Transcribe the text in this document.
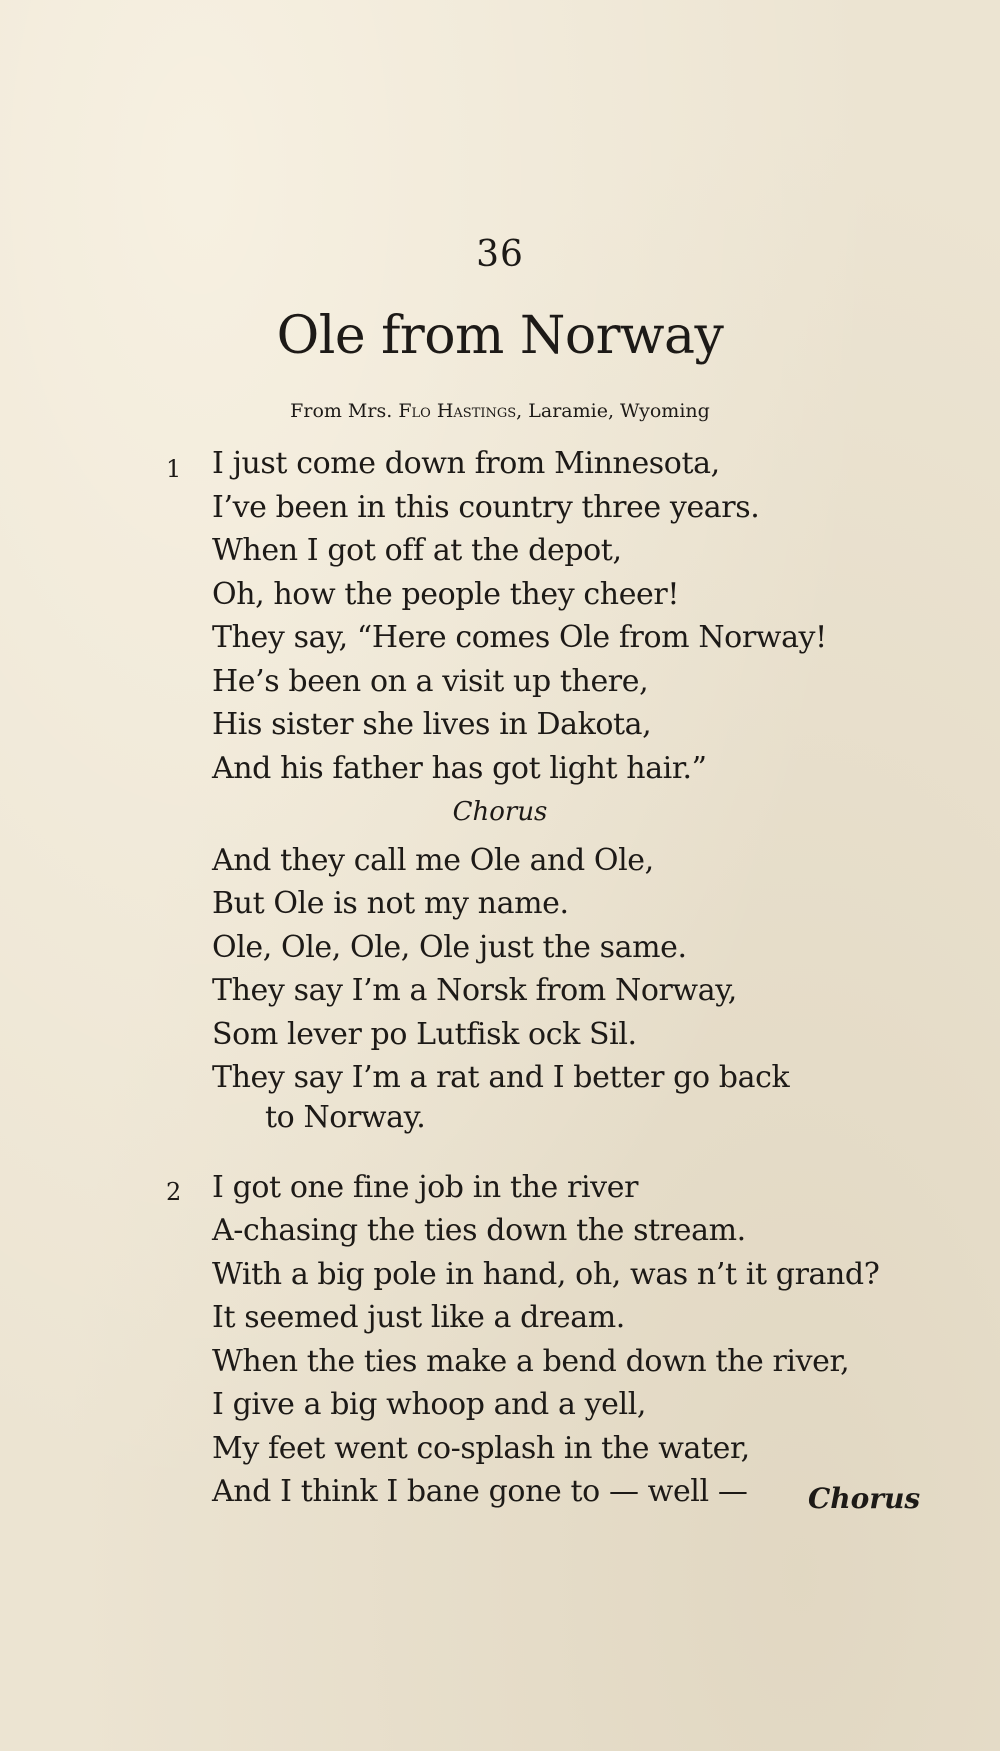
36
Ole from Norway
From Mrs. Flo Hastings, Laramie, Wyoming
1 I just come down from Minnesota,
I’ve been in this country three years.
When I got off at the depot,
Oh, how the people they cheer!
They say, “Here comes Ole from Norway!
He’s been on a visit up there,
His sister she lives in Dakota,
And his father has got light hair.”
Chorus
And they call me Ole and Ole,
But Ole is not my name.
Ole, Ole, Ole, Ole just the same.
They say I’m a Norsk from Norway,
Som lever po Lutfisk ock Sil.
They say I’m a rat and I better go back
to Norway.
2 I got one fine job in the river
A-chasing the ties down the stream.
With a big pole in hand, oh, was n’t it grand?
It seemed just like a dream.
When the ties make a bend down the river,
I give a big whoop and a yell,
My feet went co-splash in the water,
And I think I bane gone to — well — Chorus
